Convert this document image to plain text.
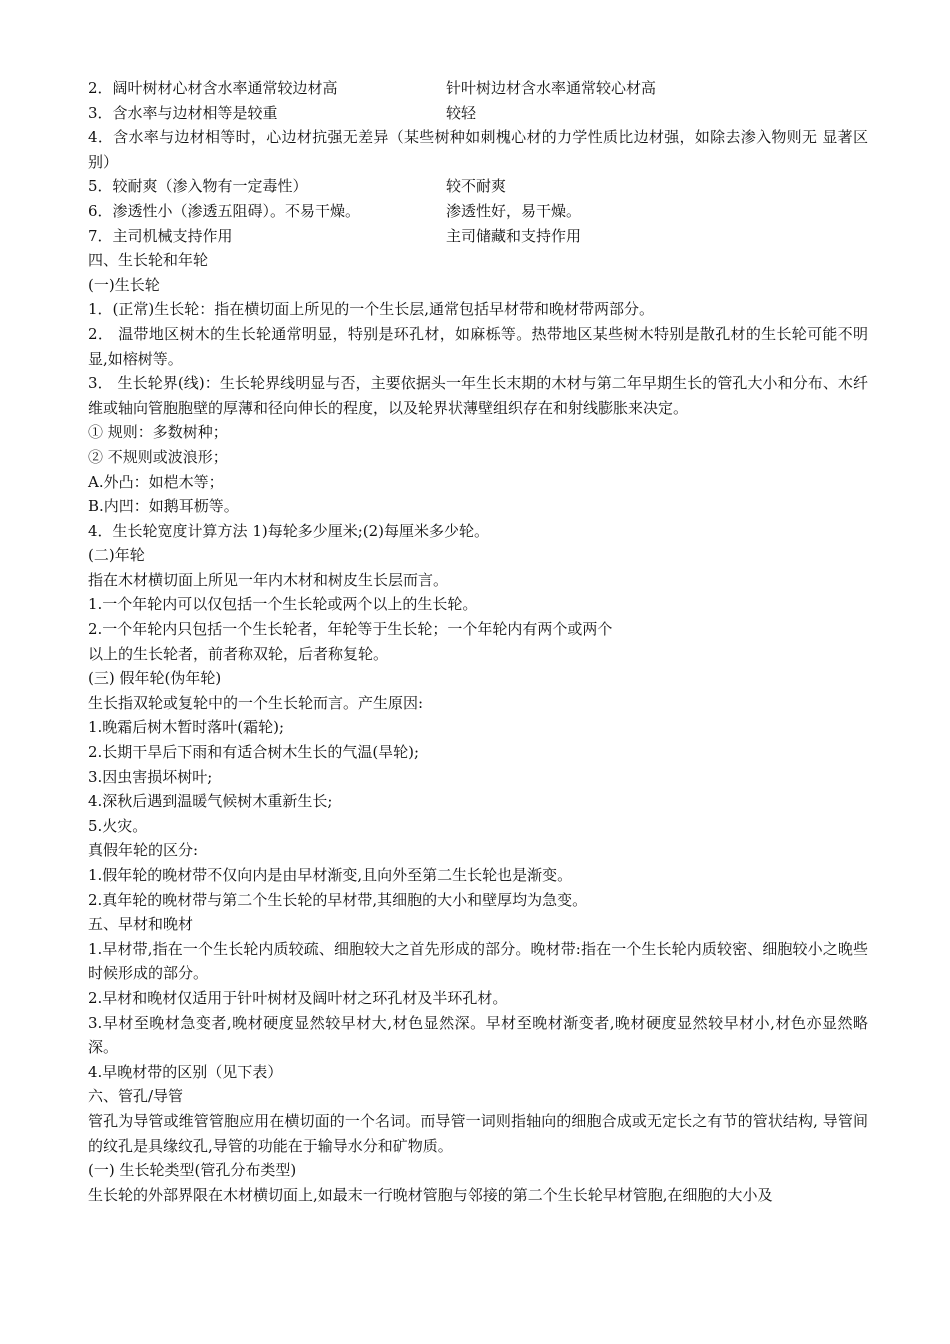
2．阔叶树材心材含水率通常较边材高	针叶树边材含水率通常较心材高
3．含水率与边材相等是较重	较轻
4．含水率与边材相等时，心边材抗强无差异（某些树种如刺槐心材的力学性质比边材强，如除去渗入物则无 显著区别）
5．较耐爽（渗入物有一定毒性）	较不耐爽
6．渗透性小（渗透五阻碍）。不易干燥。	渗透性好，易干燥。
7．主司机械支持作用	主司储藏和支持作用
四、生长轮和年轮
(一)生长轮
1．(正常)生长轮：指在横切面上所见的一个生长层,通常包括早材带和晚材带两部分。
2． 温带地区树木的生长轮通常明显，特别是环孔材，如麻栎等。热带地区某些树木特别是散孔材的生长轮可能不明显,如榕树等。
3． 生长轮界(线)：生长轮界线明显与否，主要依据头一年生长末期的木材与第二年早期生长的管孔大小和分布、木纤维或轴向管胞胞壁的厚薄和径向伸长的程度，以及轮界状薄壁组织存在和射线膨胀来决定。
① 规则：多数树种；
② 不规则或波浪形；
A.外凸：如桤木等；
B.内凹：如鹅耳枥等。
4．生长轮宽度计算方法 1)每轮多少厘米;(2)每厘米多少轮。
(二)年轮
指在木材横切面上所见一年内木材和树皮生长层而言。
1.一个年轮内可以仅包括一个生长轮或两个以上的生长轮。
2.一个年轮内只包括一个生长轮者，年轮等于生长轮；一个年轮内有两个或两个
以上的生长轮者，前者称双轮，后者称复轮。
(三) 假年轮(伪年轮)
生长指双轮或复轮中的一个生长轮而言。产生原因:
1.晚霜后树木暂时落叶(霜轮);
2.长期干旱后下雨和有适合树木生长的气温(旱轮);
3.因虫害损坏树叶;
4.深秋后遇到温暖气候树木重新生长;
5.火灾。
真假年轮的区分:
1.假年轮的晚材带不仅向内是由早材渐变,且向外至第二生长轮也是渐变。
2.真年轮的晚材带与第二个生长轮的早材带,其细胞的大小和壁厚均为急变。
五、早材和晚材
1.早材带,指在一个生长轮内质较疏、细胞较大之首先形成的部分。晚材带:指在一个生长轮内质较密、细胞较小之晚些时候形成的部分。
2.早材和晚材仅适用于针叶树材及阔叶材之环孔材及半环孔材。
3.早材至晚材急变者,晚材硬度显然较早材大,材色显然深。早材至晚材渐变者,晚材硬度显然较早材小,材色亦显然略深。
4.早晚材带的区别（见下表）
六、管孔/导管
管孔为导管或维管管胞应用在横切面的一个名词。而导管一词则指轴向的细胞合成或无定长之有节的管状结构, 导管间的纹孔是具缘纹孔,导管的功能在于输导水分和矿物质。
(一) 生长轮类型(管孔分布类型)
生长轮的外部界限在木材横切面上,如最末一行晚材管胞与邻接的第二个生长轮早材管胞,在细胞的大小及
